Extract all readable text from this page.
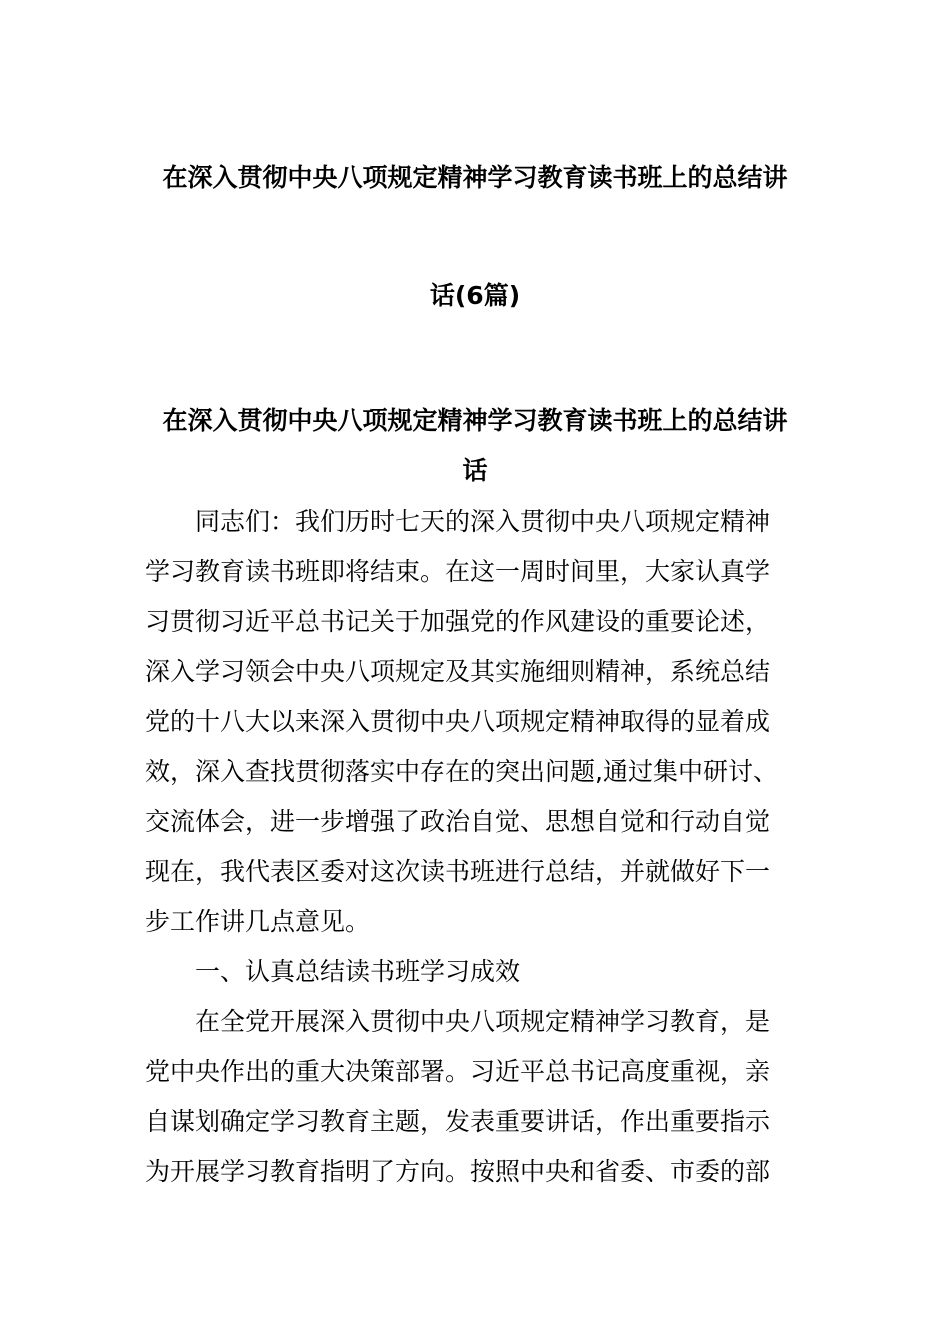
在深入贯彻中央八项规定精神学习教育读书班上的总结讲
话(6篇)
在深入贯彻中央八项规定精神学习教育读书班上的总结讲
话
同志们：我们历时七天的深入贯彻中央八项规定精神
学习教育读书班即将结束。在这一周时间里，大家认真学
习贯彻习近平总书记关于加强党的作风建设的重要论述，
深入学习领会中央八项规定及其实施细则精神，系统总结
党的十八大以来深入贯彻中央八项规定精神取得的显着成
效，深入查找贯彻落实中存在的突出问题,通过集中研讨、
交流体会，进一步增强了政治自觉、思想自觉和行动自觉
现在，我代表区委对这次读书班进行总结，并就做好下一
步工作讲几点意见。
一、认真总结读书班学习成效
在全党开展深入贯彻中央八项规定精神学习教育，是
党中央作出的重大决策部署。习近平总书记高度重视，亲
自谋划确定学习教育主题，发表重要讲话，作出重要指示
为开展学习教育指明了方向。按照中央和省委、市委的部
